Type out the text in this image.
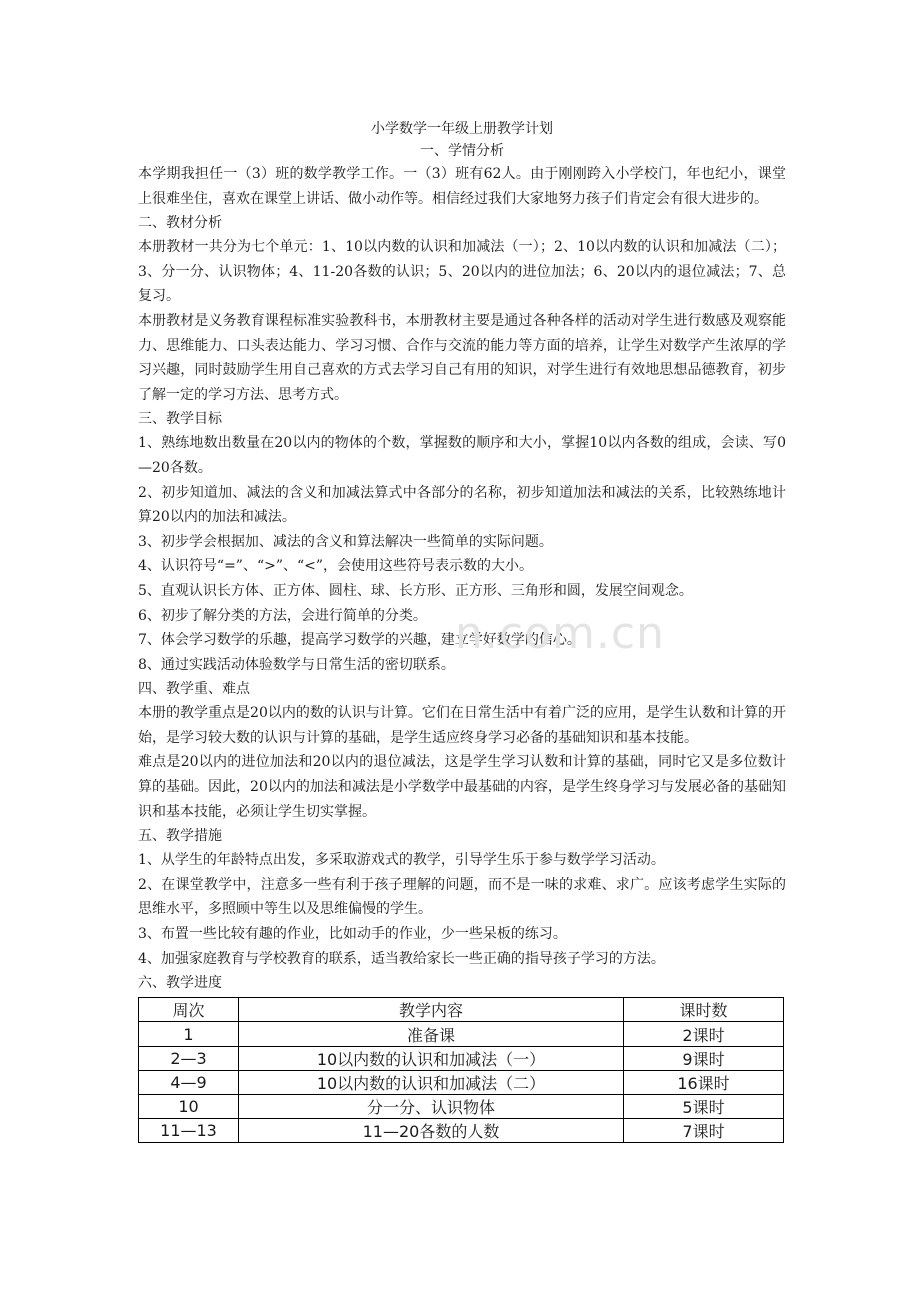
小学数学一年级上册教学计划
一、学情分析

本学期我担任一（3）班的数学教学工作。一（3）班有62人。由于刚刚跨入小学校门，年也纪小，课堂上很难坐住，喜欢在课堂上讲话、做小动作等。相信经过我们大家地努力孩子们肯定会有很大进步的。

二、教材分析

本册教材一共分为七个单元：1、10以内数的认识和加减法（一）；2、10以内数的认识和加减法（二）；3、分一分、认识物体；4、11-20各数的认识；5、20以内的进位加法；6、20以内的退位减法；7、总复习。

本册教材是义务教育课程标准实验教科书，本册教材主要是通过各种各样的活动对学生进行数感及观察能力、思维能力、口头表达能力、学习习惯、合作与交流的能力等方面的培养，让学生对数学产生浓厚的学习兴趣，同时鼓励学生用自己喜欢的方式去学习自己有用的知识，对学生进行有效地思想品德教育，初步了解一定的学习方法、思考方式。

三、教学目标

1、熟练地数出数量在20以内的物体的个数，掌握数的顺序和大小，掌握10以内各数的组成，会读、写0—20各数。

2、初步知道加、减法的含义和加减法算式中各部分的名称，初步知道加法和减法的关系，比较熟练地计算20以内的加法和减法。

3、初步学会根据加、减法的含义和算法解决一些简单的实际问题。

4、认识符号“=”、“>”、“<”，会使用这些符号表示数的大小。

5、直观认识长方体、正方体、圆柱、球、长方形、正方形、三角形和圆，发展空间观念。

6、初步了解分类的方法，会进行简单的分类。

7、体会学习数学的乐趣，提高学习数学的兴趣，建立学好数学的信心。

8、通过实践活动体验数学与日常生活的密切联系。

四、教学重、难点

本册的教学重点是20以内的数的认识与计算。它们在日常生活中有着广泛的应用，是学生认数和计算的开始，是学习较大数的认识与计算的基础，是学生适应终身学习必备的基础知识和基本技能。

难点是20以内的进位加法和20以内的退位减法，这是学生学习认数和计算的基础，同时它又是多位数计算的基础。因此，20以内的加法和减法是小学数学中最基础的内容，是学生终身学习与发展必备的基础知识和基本技能，必须让学生切实掌握。

五、教学措施

1、从学生的年龄特点出发，多采取游戏式的教学，引导学生乐于参与数学学习活动。

2、在课堂教学中，注意多一些有利于孩子理解的问题，而不是一味的求难、求广。应该考虑学生实际的思维水平，多照顾中等生以及思维偏慢的学生。

3、布置一些比较有趣的作业，比如动手的作业，少一些呆板的练习。

4、加强家庭教育与学校教育的联系，适当教给家长一些正确的指导孩子学习的方法。

六、教学进度
周次	教学内容	课时数
1	准备课	2课时
2—3	10以内数的认识和加减法（一）	9课时
4—9	10以内数的认识和加减法（二）	16课时
10	分一分、认识物体	5课时
11—13	11—20各数的人数	7课时
n.com.cn
